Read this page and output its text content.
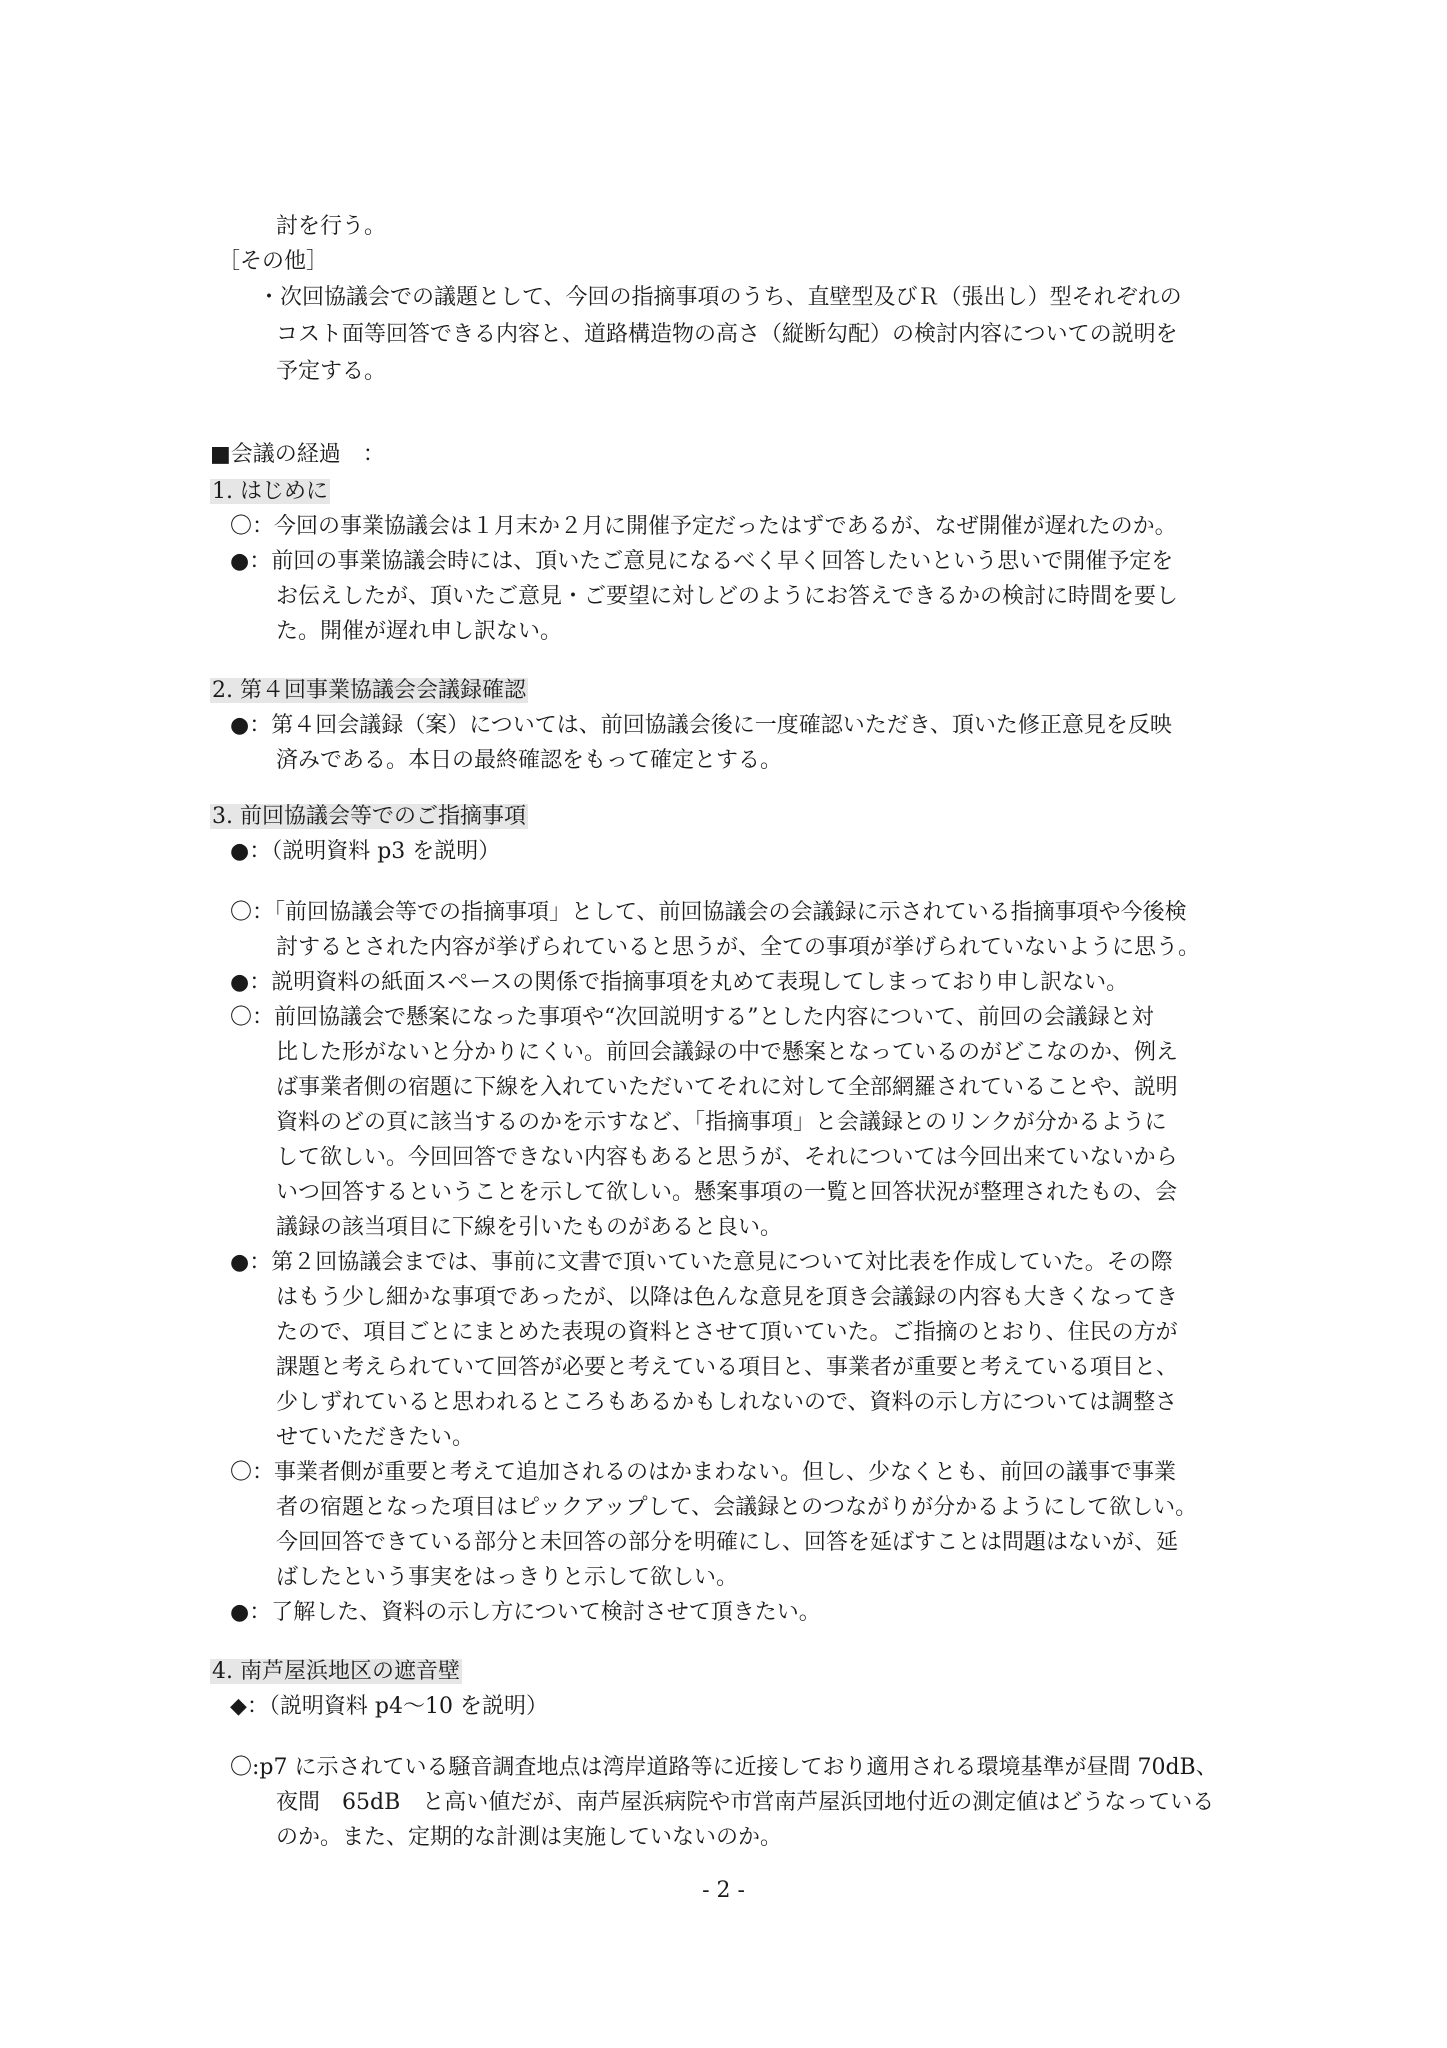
討を行う。
［その他］
・次回協議会での議題として、今回の指摘事項のうち、直壁型及びＲ（張出し）型それぞれの
コスト面等回答できる内容と、道路構造物の高さ（縦断勾配）の検討内容についての説明を
予定する。
■会議の経過　：
1. はじめに
〇：今回の事業協議会は１月末か２月に開催予定だったはずであるが、なぜ開催が遅れたのか。
●：前回の事業協議会時には、頂いたご意見になるべく早く回答したいという思いで開催予定を
お伝えしたが、頂いたご意見・ご要望に対しどのようにお答えできるかの検討に時間を要し
た。開催が遅れ申し訳ない。
2. 第４回事業協議会会議録確認
●：第４回会議録（案）については、前回協議会後に一度確認いただき、頂いた修正意見を反映
済みである。本日の最終確認をもって確定とする。
3. 前回協議会等でのご指摘事項
●：（説明資料 p3 を説明）
〇：「前回協議会等での指摘事項」として、前回協議会の会議録に示されている指摘事項や今後検
討するとされた内容が挙げられていると思うが、全ての事項が挙げられていないように思う。
●：説明資料の紙面スペースの関係で指摘事項を丸めて表現してしまっており申し訳ない。
〇：前回協議会で懸案になった事項や“次回説明する”とした内容について、前回の会議録と対
比した形がないと分かりにくい。前回会議録の中で懸案となっているのがどこなのか、例え
ば事業者側の宿題に下線を入れていただいてそれに対して全部網羅されていることや、説明
資料のどの頁に該当するのかを示すなど、「指摘事項」と会議録とのリンクが分かるように
して欲しい。今回回答できない内容もあると思うが、それについては今回出来ていないから
いつ回答するということを示して欲しい。懸案事項の一覧と回答状況が整理されたもの、会
議録の該当項目に下線を引いたものがあると良い。
●：第２回協議会までは、事前に文書で頂いていた意見について対比表を作成していた。その際
はもう少し細かな事項であったが、以降は色んな意見を頂き会議録の内容も大きくなってき
たので、項目ごとにまとめた表現の資料とさせて頂いていた。ご指摘のとおり、住民の方が
課題と考えられていて回答が必要と考えている項目と、事業者が重要と考えている項目と、
少しずれていると思われるところもあるかもしれないので、資料の示し方については調整さ
せていただきたい。
〇：事業者側が重要と考えて追加されるのはかまわない。但し、少なくとも、前回の議事で事業
者の宿題となった項目はピックアップして、会議録とのつながりが分かるようにして欲しい。
今回回答できている部分と未回答の部分を明確にし、回答を延ばすことは問題はないが、延
ばしたという事実をはっきりと示して欲しい。
●：了解した、資料の示し方について検討させて頂きたい。
4. 南芦屋浜地区の遮音壁
◆：（説明資料 p4〜10 を説明）
〇:p7 に示されている騒音調査地点は湾岸道路等に近接しており適用される環境基準が昼間 70dB、
夜間　65dB　と高い値だが、南芦屋浜病院や市営南芦屋浜団地付近の測定値はどうなっている
のか。また、定期的な計測は実施していないのか。
- 2 -
